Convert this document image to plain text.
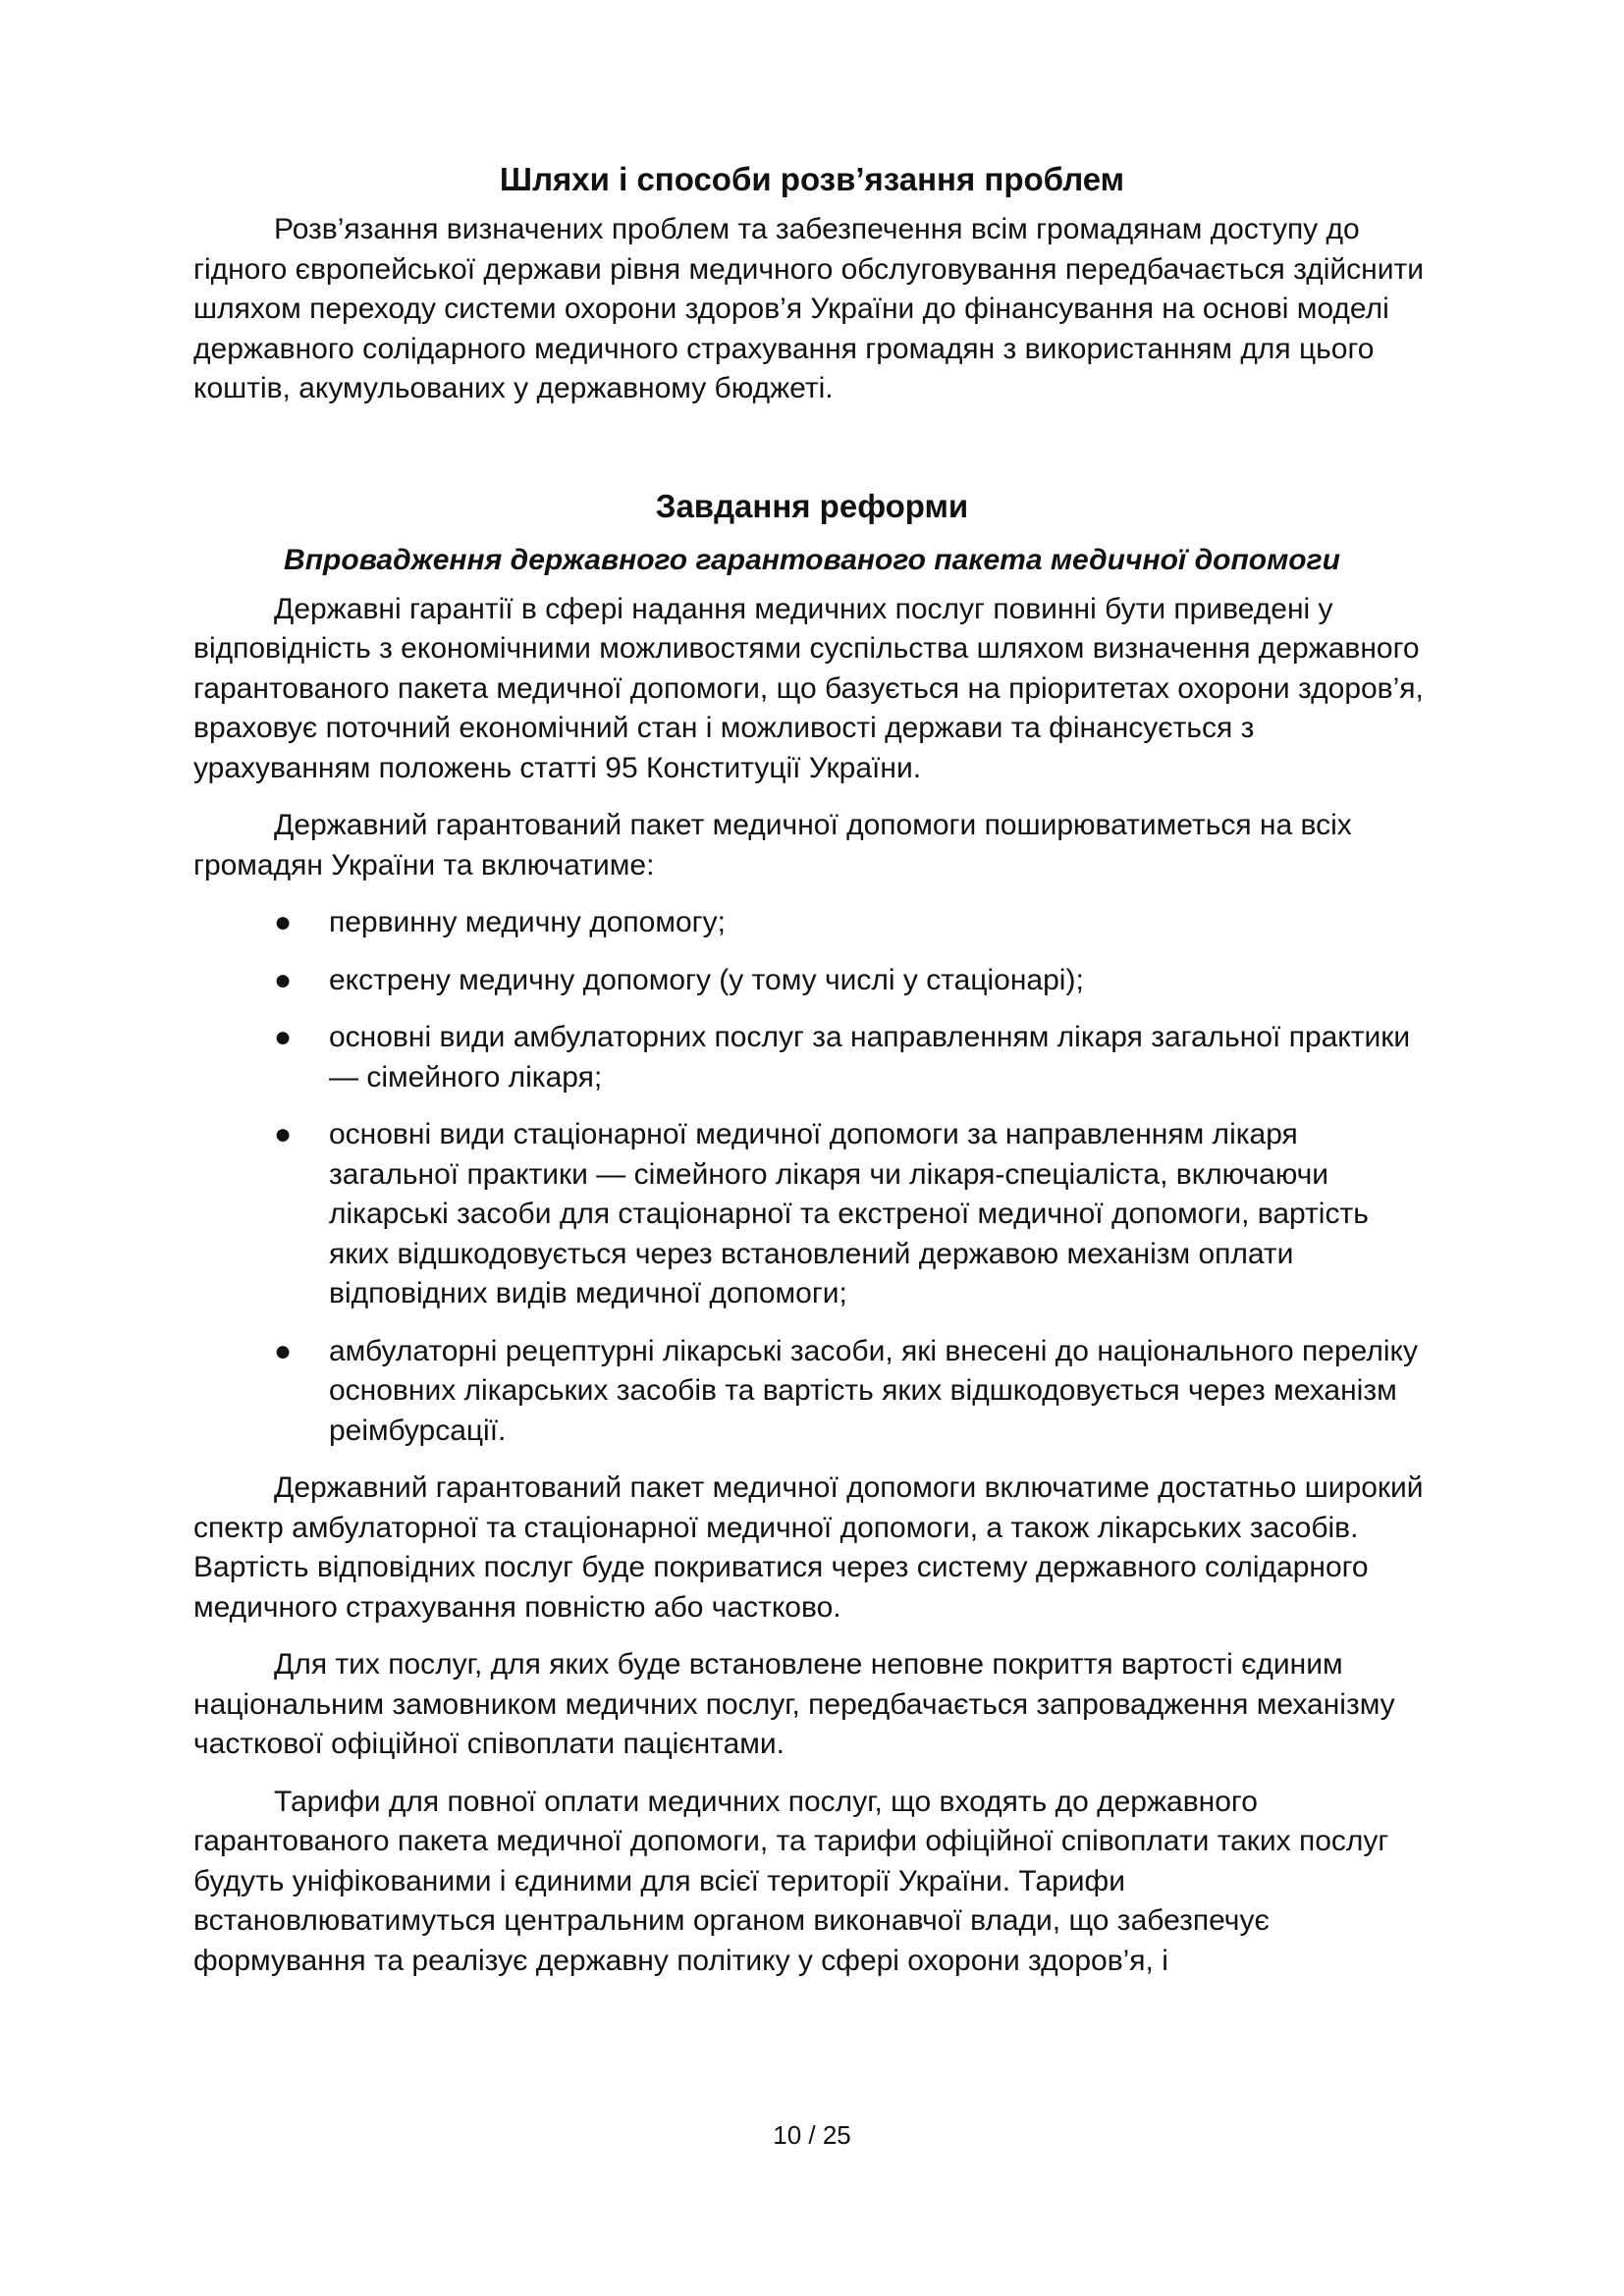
Шляхи і способи розв’язання проблем

Розв’язання визначених проблем та забезпечення всім громадянам доступу до гідного європейської держави рівня медичного обслуговування передбачається здійснити шляхом переходу системи охорони здоров’я України до фінансування на основі моделі державного солідарного медичного страхування громадян з використанням для цього коштів, акумульованих у державному бюджеті.

Завдання реформи
Впровадження державного гарантованого пакета медичної допомоги

Державні гарантії в сфері надання медичних послуг повинні бути приведені у відповідність з економічними можливостями суспільства шляхом визначення державного гарантованого пакета медичної допомоги, що базується на пріоритетах охорони здоров’я, враховує поточний економічний стан і можливості держави та фінансується з урахуванням положень статті 95 Конституції України.

Державний гарантований пакет медичної допомоги поширюватиметься на всіх громадян України та включатиме:

●	первинну медичну допомогу;
●	екстрену медичну допомогу (у тому числі у стаціонарі);
●	основні види амбулаторних послуг за направленням лікаря загальної практики — сімейного лікаря;
●	основні види стаціонарної медичної допомоги за направленням лікаря загальної практики — сімейного лікаря чи лікаря-спеціаліста, включаючи лікарські засоби для стаціонарної та екстреної медичної допомоги, вартість яких відшкодовується через встановлений державою механізм оплати відповідних видів медичної допомоги;
●	амбулаторні рецептурні лікарські засоби, які внесені до національного переліку основних лікарських засобів та вартість яких відшкодовується через механізм реімбурсації.

Державний гарантований пакет медичної допомоги включатиме достатньо широкий спектр амбулаторної та стаціонарної медичної допомоги, а також лікарських засобів. Вартість відповідних послуг буде покриватися через систему державного солідарного медичного страхування повністю або частково.

Для тих послуг, для яких буде встановлене неповне покриття вартості єдиним національним замовником медичних послуг, передбачається запровадження механізму часткової офіційної співоплати пацієнтами.

Тарифи для повної оплати медичних послуг, що входять до державного гарантованого пакета медичної допомоги, та тарифи офіційної співоплати таких послуг будуть уніфікованими і єдиними для всієї території України. Тарифи встановлюватимуться центральним органом виконавчої влади, що забезпечує формування та реалізує державну політику у сфері охорони здоров’я, і

10 / 25
